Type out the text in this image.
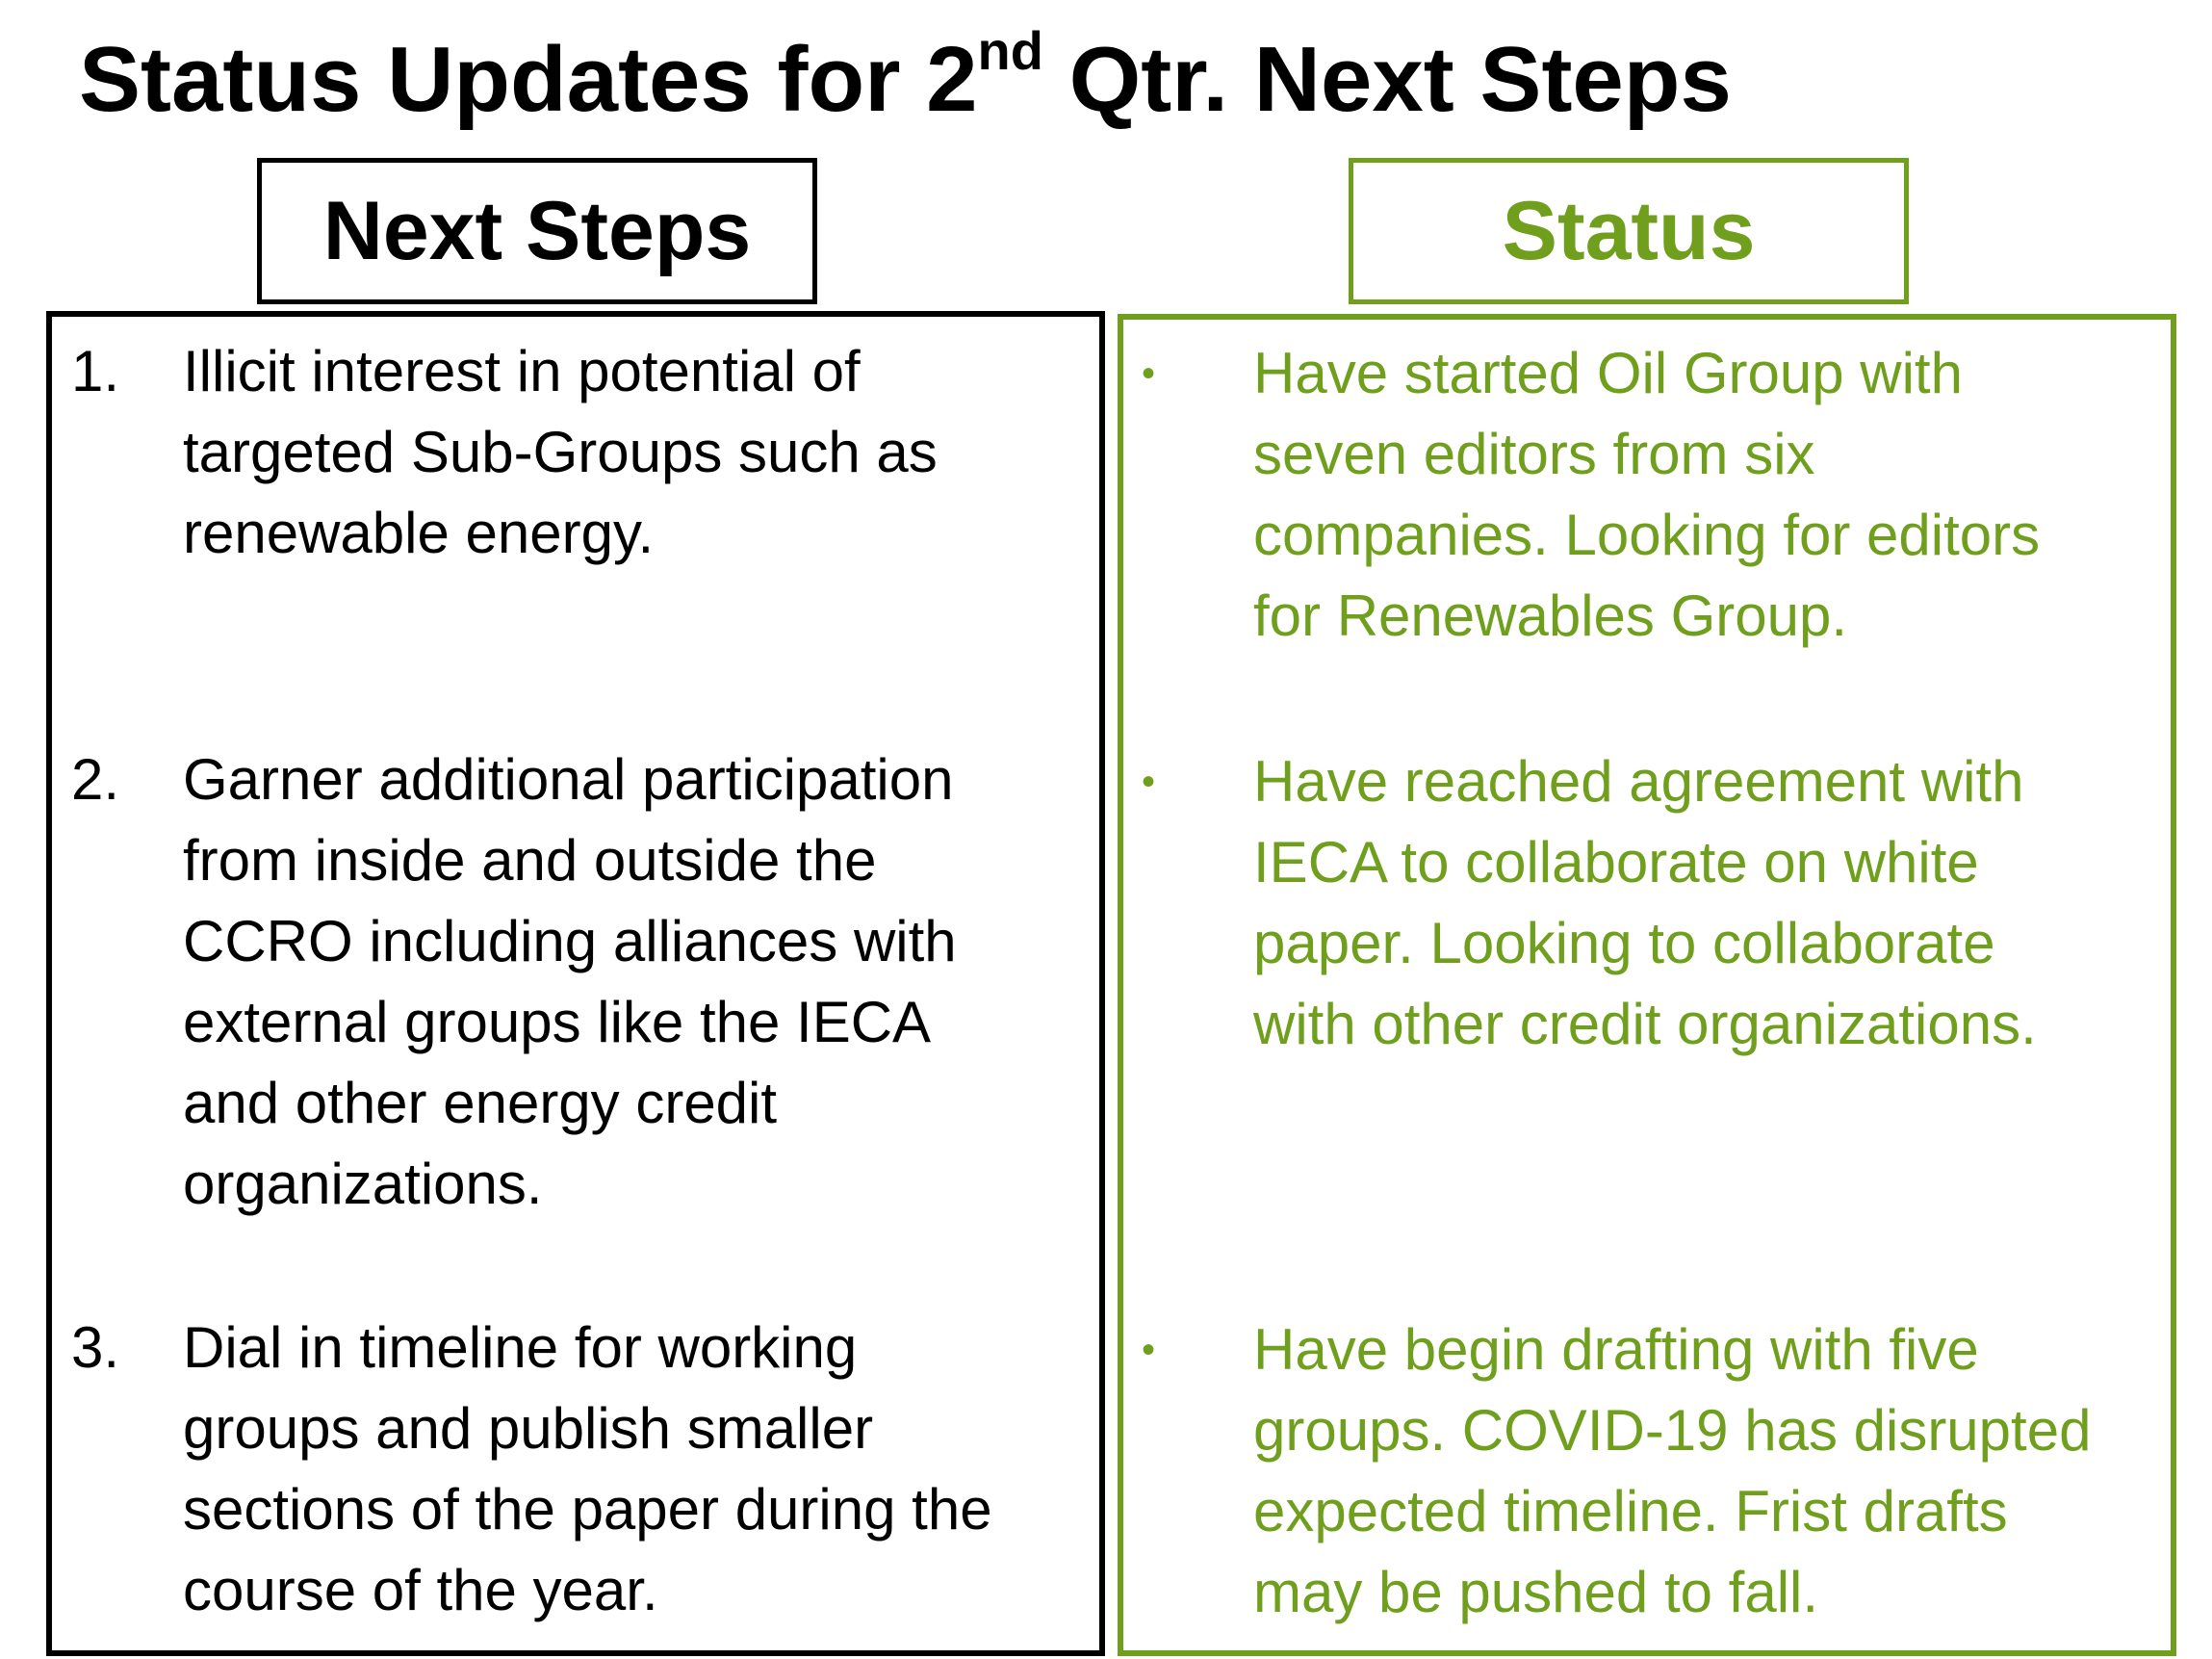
Status Updates for 2nd Qtr. Next Steps
Next Steps	Status
1. Illicit interest in potential of
targeted Sub-Groups such as
renewable energy.
2. Garner additional participation
from inside and outside the
CCRO including alliances with
external groups like the IECA
and other energy credit
organizations.
3. Dial in timeline for working
groups and publish smaller
sections of the paper during the
course of the year.
• Have started Oil Group with
seven editors from six
companies. Looking for editors
for Renewables Group.
• Have reached agreement with
IECA to collaborate on white
paper. Looking to collaborate
with other credit organizations.
• Have begin drafting with five
groups. COVID-19 has disrupted
expected timeline. Frist drafts
may be pushed to fall.
